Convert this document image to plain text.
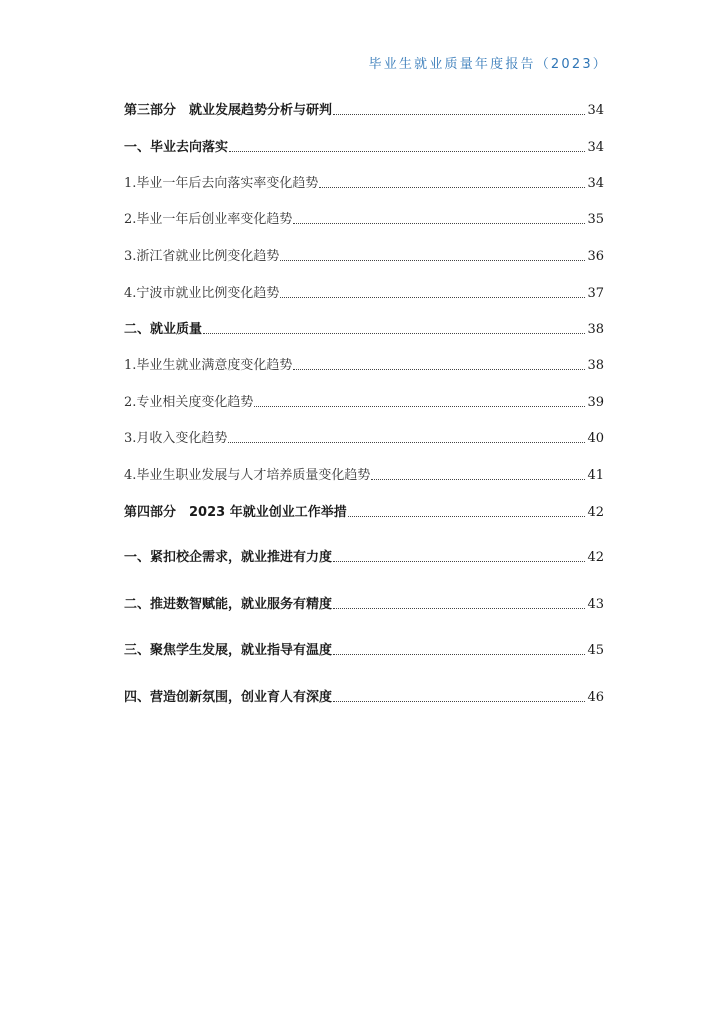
毕业生就业质量年度报告（2023）
第三部分　就业发展趋势分析与研判	34
一、毕业去向落实	34
1.毕业一年后去向落实率变化趋势	34
2.毕业一年后创业率变化趋势	35
3.浙江省就业比例变化趋势	36
4.宁波市就业比例变化趋势	37
二、就业质量	38
1.毕业生就业满意度变化趋势	38
2.专业相关度变化趋势	39
3.月收入变化趋势	40
4.毕业生职业发展与人才培养质量变化趋势	41
第四部分　2023 年就业创业工作举措	42
一、紧扣校企需求，就业推进有力度	42
二、推进数智赋能，就业服务有精度	43
三、聚焦学生发展，就业指导有温度	45
四、营造创新氛围，创业育人有深度	46
